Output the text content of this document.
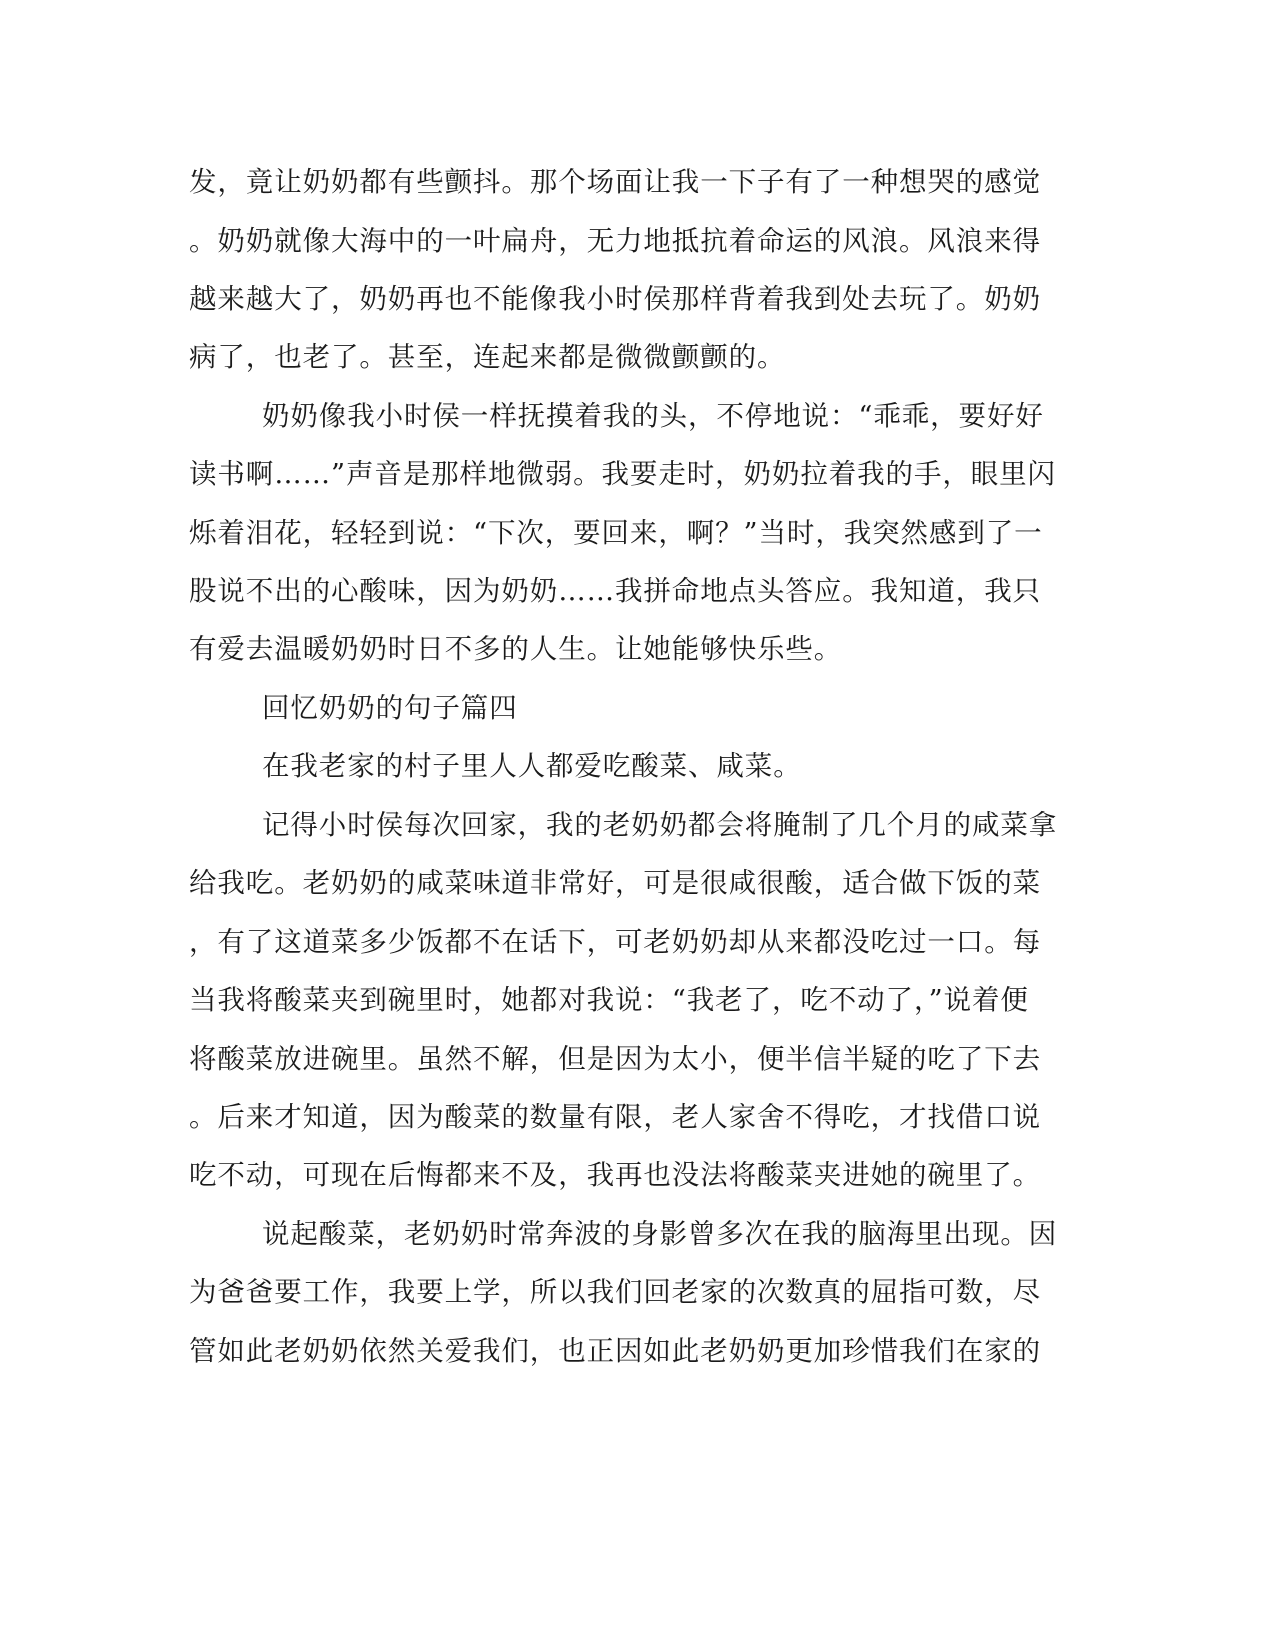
发，竟让奶奶都有些颤抖。那个场面让我一下子有了一种想哭的感觉
。奶奶就像大海中的一叶扁舟，无力地抵抗着命运的风浪。风浪来得
越来越大了，奶奶再也不能像我小时侯那样背着我到处去玩了。奶奶
病了，也老了。甚至，连起来都是微微颤颤的。
奶奶像我小时侯一样抚摸着我的头，不停地说：“乖乖，要好好
读书啊……”声音是那样地微弱。我要走时，奶奶拉着我的手，眼里闪
烁着泪花，轻轻到说：“下次，要回来，啊？”当时，我突然感到了一
股说不出的心酸味，因为奶奶……我拼命地点头答应。我知道，我只
有爱去温暖奶奶时日不多的人生。让她能够快乐些。
回忆奶奶的句子篇四
在我老家的村子里人人都爱吃酸菜、咸菜。
记得小时侯每次回家，我的老奶奶都会将腌制了几个月的咸菜拿
给我吃。老奶奶的咸菜味道非常好，可是很咸很酸，适合做下饭的菜
，有了这道菜多少饭都不在话下，可老奶奶却从来都没吃过一口。每
当我将酸菜夹到碗里时，她都对我说：“我老了，吃不动了，”说着便
将酸菜放进碗里。虽然不解，但是因为太小，便半信半疑的吃了下去
。后来才知道，因为酸菜的数量有限，老人家舍不得吃，才找借口说
吃不动，可现在后悔都来不及，我再也没法将酸菜夹进她的碗里了。
说起酸菜，老奶奶时常奔波的身影曾多次在我的脑海里出现。因
为爸爸要工作，我要上学，所以我们回老家的次数真的屈指可数，尽
管如此老奶奶依然关爱我们，也正因如此老奶奶更加珍惜我们在家的
